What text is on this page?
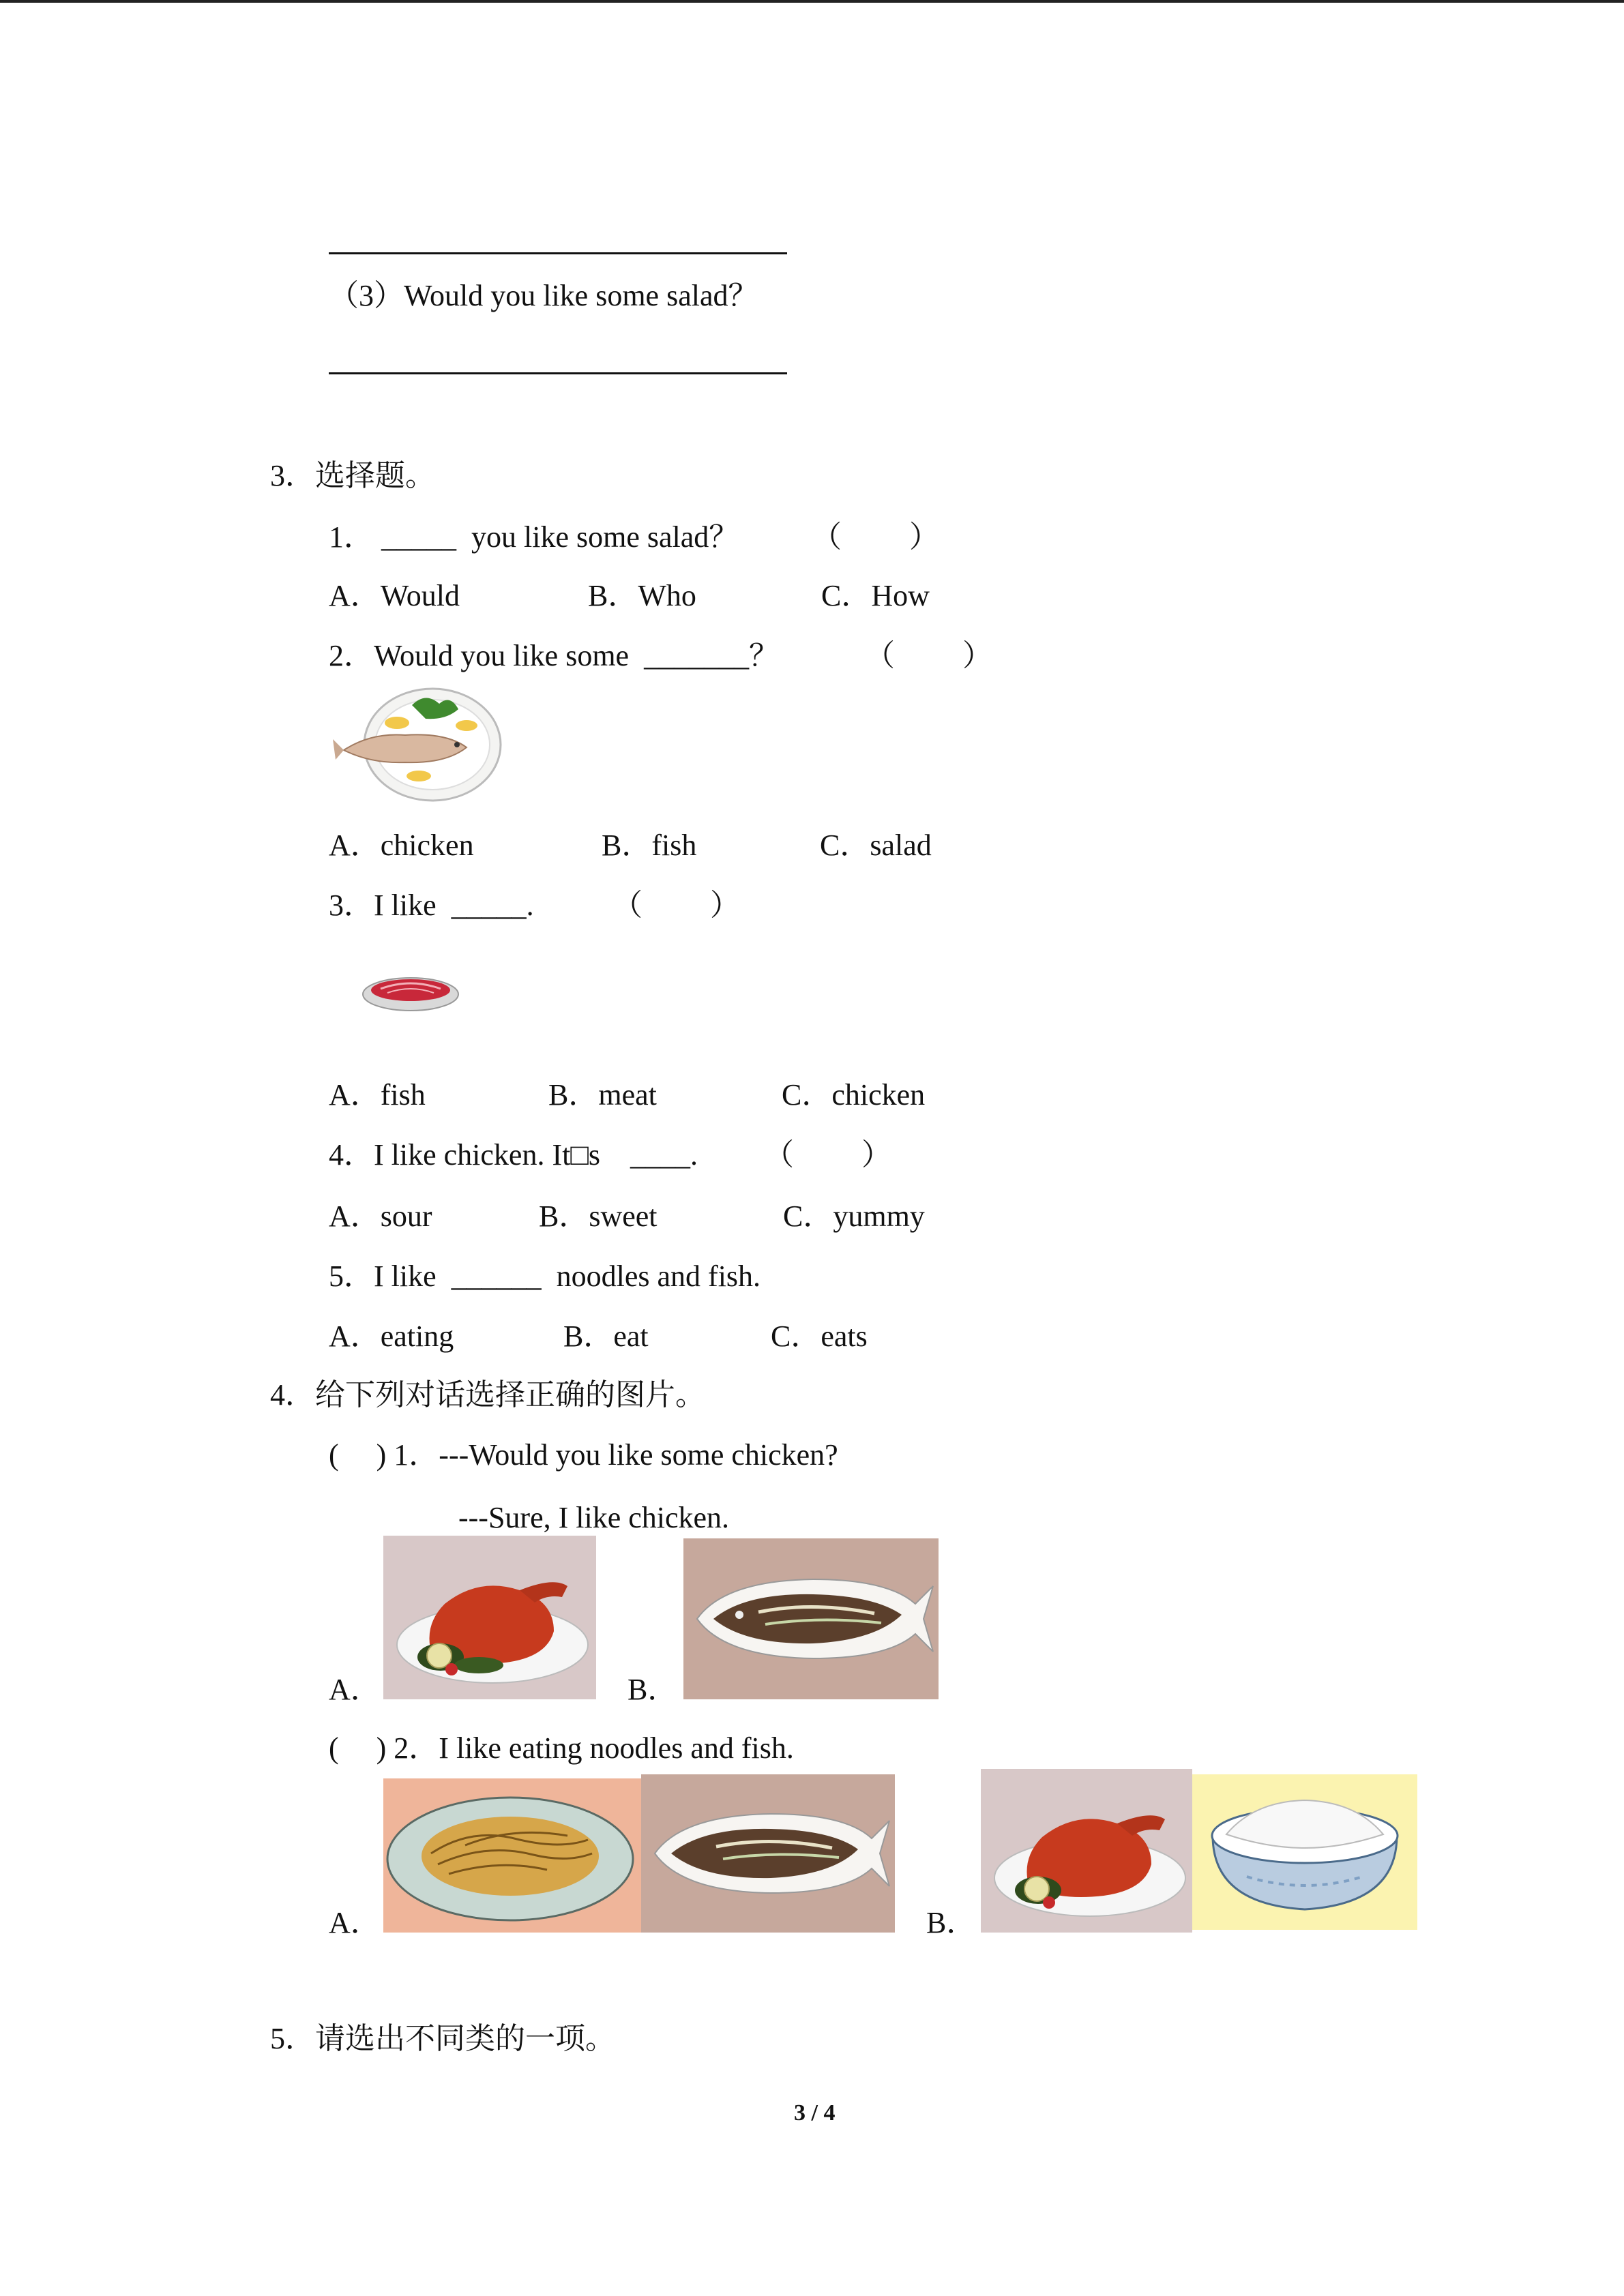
（3）Would you like some salad？
3．选择题。
1． _____  you like some salad？ （         ）
A．Would	B．Who	C．How
2．Would you like some  _______？	（         ）
A．chicken	B．fish	C．salad
3．I like  _____.	（         ）
A．fish	B．meat	C．chicken
4．I like chicken. It□s    ____. （         ）
A．sour	B．sweet	C．yummy
5．I like  ______  noodles and fish.
A．eating	B．eat	C．eats
4．给下列对话选择正确的图片。
(     ) 1．---Would you like some chicken?
---Sure, I like chicken.
A．	B．
(     ) 2．I like eating noodles and fish.
A．	B．
5．请选出不同类的一项。
3 / 4
